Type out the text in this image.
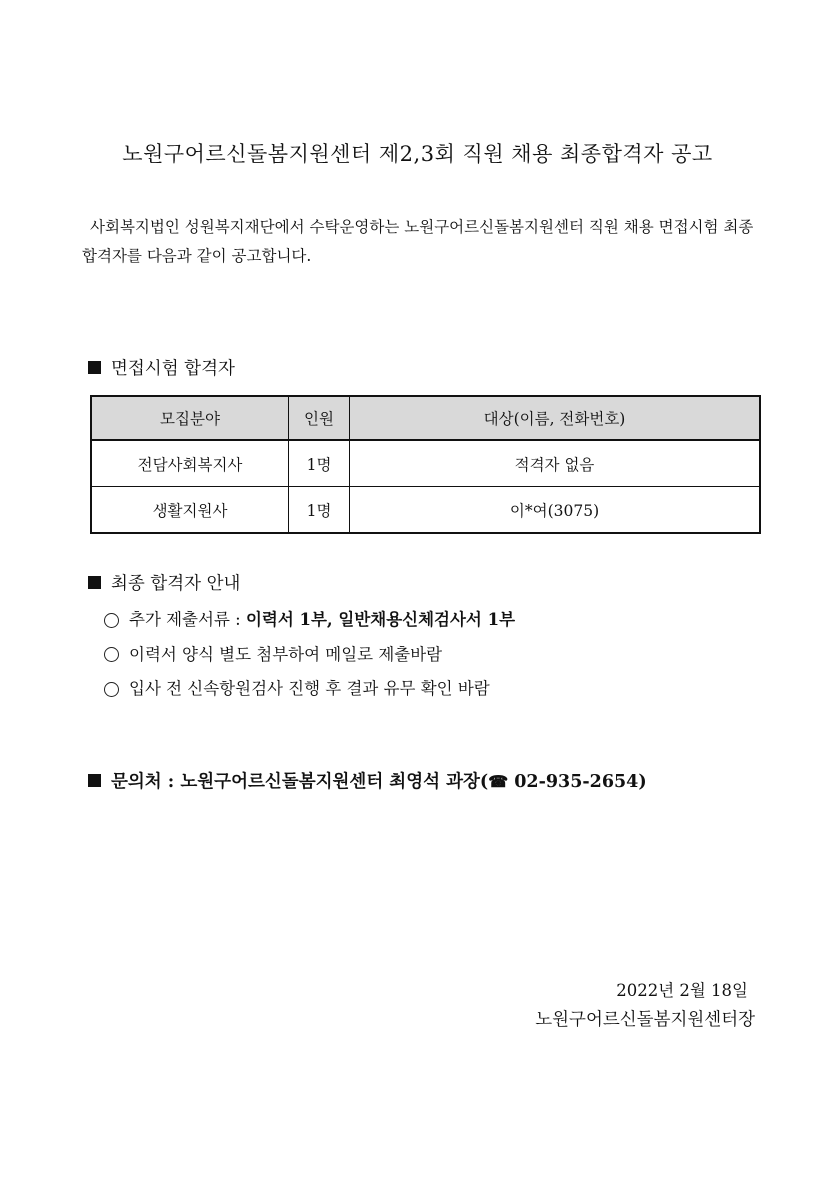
노원구어르신돌봄지원센터 제2,3회 직원 채용 최종합격자 공고

사회복지법인 성원복지재단에서 수탁운영하는 노원구어르신돌봄지원센터 직원 채용 면접시험 최종

합격자를 다음과 같이 공고합니다.

면접시험 합격자
모집분야	인원	대상(이름, 전화번호)
전담사회복지사	1명	적격자 없음
생활지원사	1명	이*여(3075)
최종 합격자 안내
추가 제출서류 : 이력서 1부, 일반채용신체검사서 1부
이력서 양식 별도 첨부하여 메일로 제출바람
입사 전 신속항원검사 진행 후 결과 유무 확인 바람
문의처 : 노원구어르신돌봄지원센터 최영석 과장(☎ 02-935-2654)
2022년 2월 18일
노원구어르신돌봄지원센터장
